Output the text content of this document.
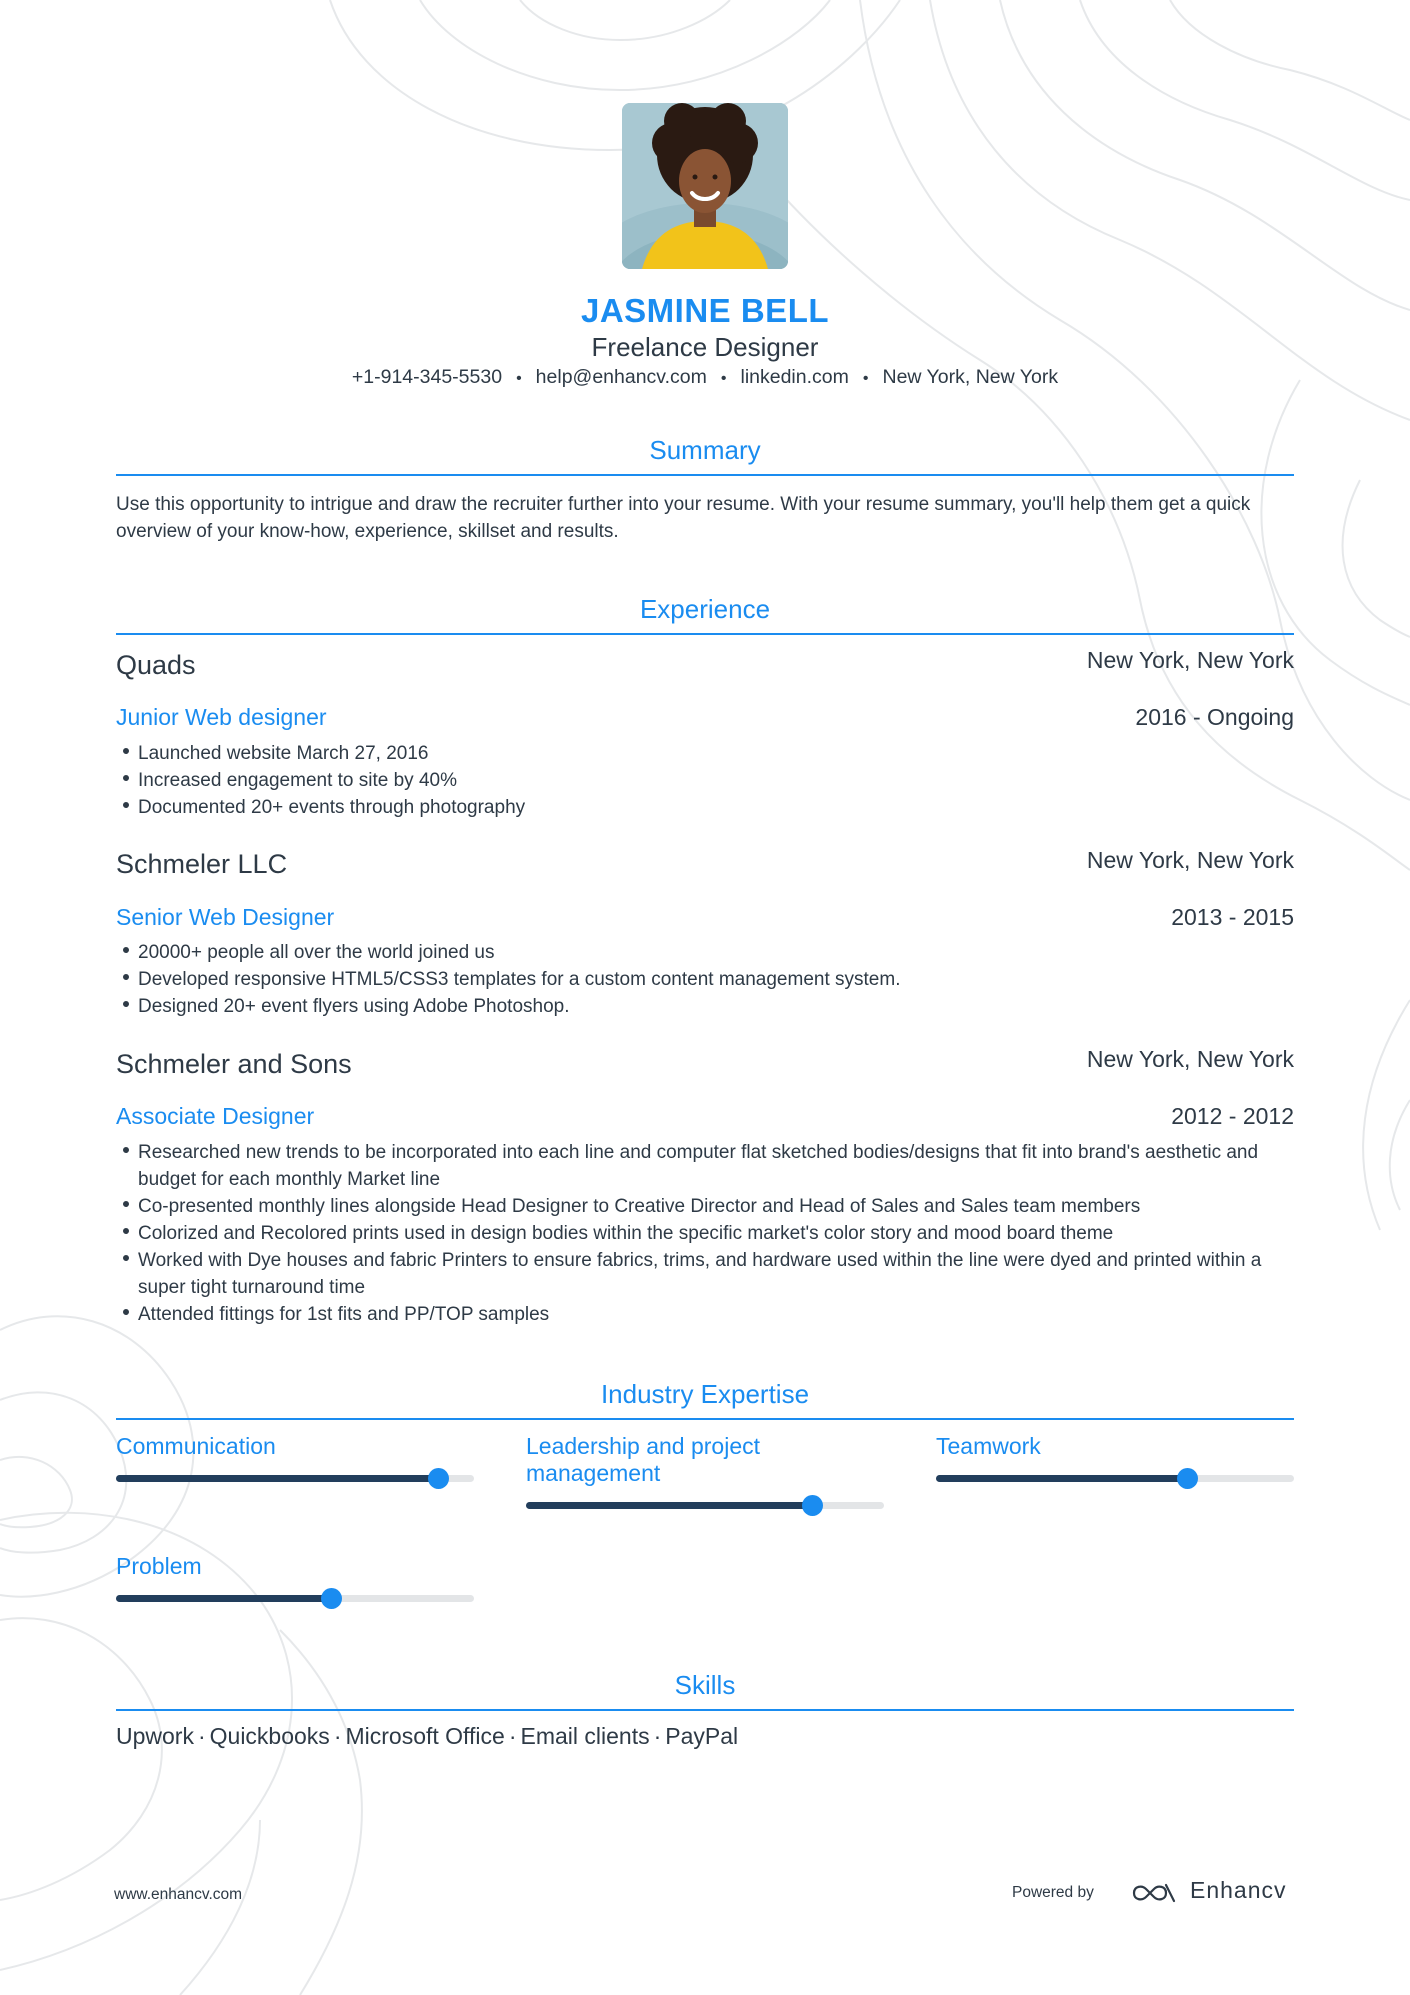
JASMINE BELL
Freelance Designer
+1-914-345-5530 • help@enhancv.com • linkedin.com • New York, New York
Summary
Use this opportunity to intrigue and draw the recruiter further into your resume. With your resume summary, you'll help them get a quick overview of your know-how, experience, skillset and results.
Experience
Quads	New York, New York
Junior Web designer	2016 - Ongoing
Launched website March 27, 2016
Increased engagement to site by 40%
Documented 20+ events through photography
Schmeler LLC	New York, New York
Senior Web Designer	2013 - 2015
20000+ people all over the world joined us
Developed responsive HTML5/CSS3 templates for a custom content management system.
Designed 20+ event flyers using Adobe Photoshop.
Schmeler and Sons	New York, New York
Associate Designer	2012 - 2012
Researched new trends to be incorporated into each line and computer flat sketched bodies/designs that fit into brand's aesthetic and budget for each monthly Market line
Co-presented monthly lines alongside Head Designer to Creative Director and Head of Sales and Sales team members
Colorized and Recolored prints used in design bodies within the specific market's color story and mood board theme
Worked with Dye houses and fabric Printers to ensure fabrics, trims, and hardware used within the line were dyed and printed within a super tight turnaround time
Attended fittings for 1st fits and PP/TOP samples
Industry Expertise
Communication	Leadership and project management
Teamwork
Problem
Skills
Upwork · Quickbooks · Microsoft Office · Email clients · PayPal
www.enhancv.com	Powered by	Enhancv
